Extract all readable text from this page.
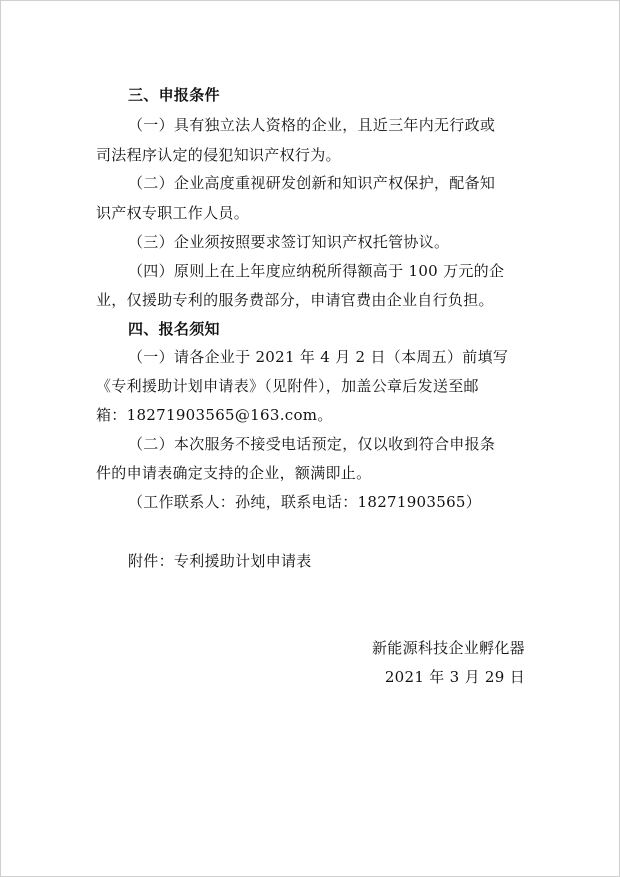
三、申报条件
（一）具有独立法人资格的企业，且近三年内无行政或
司法程序认定的侵犯知识产权行为。
（二）企业高度重视研发创新和知识产权保护，配备知
识产权专职工作人员。
（三）企业须按照要求签订知识产权托管协议。
（四）原则上在上年度应纳税所得额高于 100 万元的企
业，仅援助专利的服务费部分，申请官费由企业自行负担。
四、报名须知
（一）请各企业于 2021 年 4 月 2 日（本周五）前填写
《专利援助计划申请表》（见附件），加盖公章后发送至邮
箱：18271903565@163.com。
（二）本次服务不接受电话预定，仅以收到符合申报条
件的申请表确定支持的企业，额满即止。
（工作联系人：孙纯，联系电话：18271903565）
附件：专利援助计划申请表
新能源科技企业孵化器
2021 年 3 月 29 日
